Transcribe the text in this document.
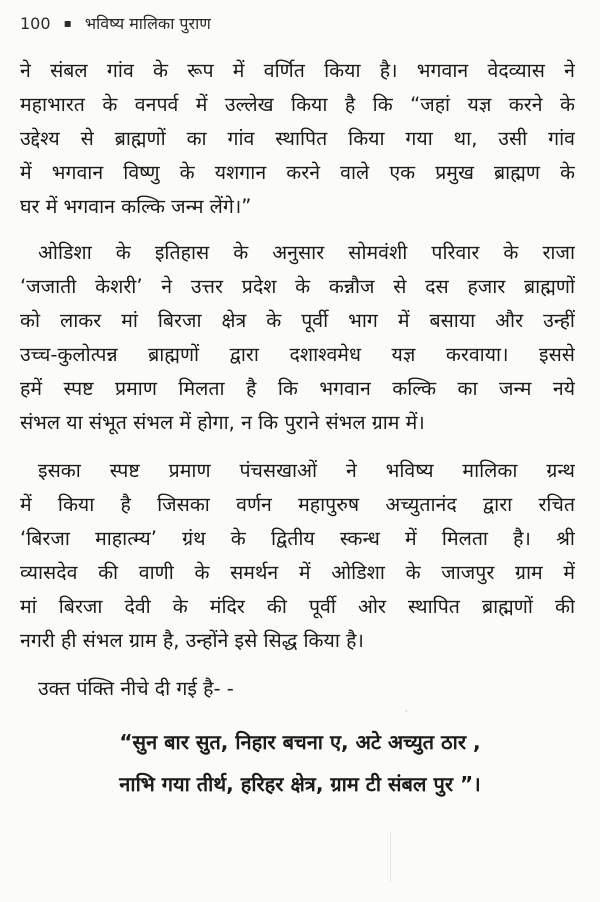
100 ▪ भविष्य मालिका पुराण
ने संबल गांव के रूप में वर्णित किया है। भगवान वेदव्यास ने
महाभारत के वनपर्व में उल्लेख किया है कि “जहां यज्ञ करने के
उद्देश्य से ब्राह्मणों का गांव स्थापित किया गया था, उसी गांव
में भगवान विष्णु के यशगान करने वाले एक प्रमुख ब्राह्मण के
घर में भगवान कल्कि जन्म लेंगे।”
ओडिशा के इतिहास के अनुसार सोमवंशी परिवार के राजा
‘जजाती केशरी’ ने उत्तर प्रदेश के कन्नौज से दस हजार ब्राह्मणों
को लाकर मां बिरजा क्षेत्र के पूर्वी भाग में बसाया और उन्हीं
उच्च-कुलोत्पन्न ब्राह्मणों द्वारा दशाश्वमेध यज्ञ करवाया। इससे
हमें स्पष्ट प्रमाण मिलता है कि भगवान कल्कि का जन्म नये
संभल या संभूत संभल में होगा, न कि पुराने संभल ग्राम में।
इसका स्पष्ट प्रमाण पंचसखाओं ने भविष्य मालिका ग्रन्थ
में किया है जिसका वर्णन महापुरुष अच्युतानंद द्वारा रचित
‘बिरजा माहात्म्य’ ग्रंथ के द्वितीय स्कन्ध में मिलता है। श्री
व्यासदेव की वाणी के समर्थन में ओडिशा के जाजपुर ग्राम में
मां बिरजा देवी के मंदिर की पूर्वी ओर स्थापित ब्राह्मणों की
नगरी ही संभल ग्राम है, उन्होंने इसे सिद्ध किया है।
उक्त पंक्ति नीचे दी गई है- -
“सुन बार सुत, निहार बचना ए, अटे अच्युत ठार ,
नाभि गया तीर्थ, हरिहर क्षेत्र, ग्राम टी संबल पुर ”।
′
